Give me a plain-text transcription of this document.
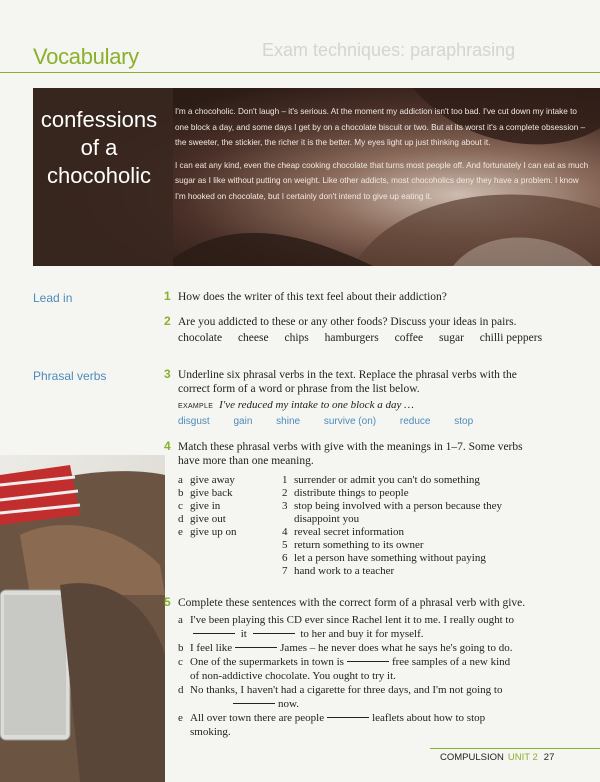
Exam techniques: paraphrasing
Vocabulary
confessions
of a
chocoholic

I'm a chocoholic. Don't laugh – it's serious. At the moment my addiction isn't too bad. I've cut down my intake to one block a day, and some days I get by on a chocolate biscuit or two. But at its worst it's a complete obsession – the sweeter, the stickier, the richer it is the better. My eyes light up just thinking about it.

I can eat any kind, even the cheap cooking chocolate that turns most people off. And fortunately I can eat as much sugar as I like without putting on weight. Like other addicts, most chocoholics deny they have a problem. I know I'm hooked on chocolate, but I certainly don't intend to give up eating it.

Lead in
Phrasal verbs
1 How does the writer of this text feel about their addiction?
2 Are you addicted to these or any other foods? Discuss your ideas in pairs.
chocolate cheese chips hamburgers coffee sugar chilli peppers
3 Underline six phrasal verbs in the text. Replace the phrasal verbs with the
correct form of a word or phrase from the list below.
EXAMPLE I've reduced my intake to one block a day …
disgust gain shine survive (on) reduce stop
4 Match these phrasal verbs with give with the meanings in 1–7. Some verbs
have more than one meaning.
a give away
b give back
c give in
d give out
e give up on
1 surrender or admit you can't do something
2 distribute things to people
3 stop being involved with a person because they
disappoint you
4 reveal secret information
5 return something to its owner
6 let a person have something without paying
7 hand work to a teacher
5 Complete these sentences with the correct form of a phrasal verb with give.
a I've been playing this CD ever since Rachel lent it to me. I really ought to
it	to her and buy it for myself.
b I feel like	James – he never does what he says he's going to do.
c One of the supermarkets in town is	free samples of a new kind
of non-addictive chocolate. You ought to try it.
d No thanks, I haven't had a cigarette for three days, and I'm not going to
now.
e All over town there are people	leaflets about how to stop
smoking.
COMPULSION UNIT 2 27
